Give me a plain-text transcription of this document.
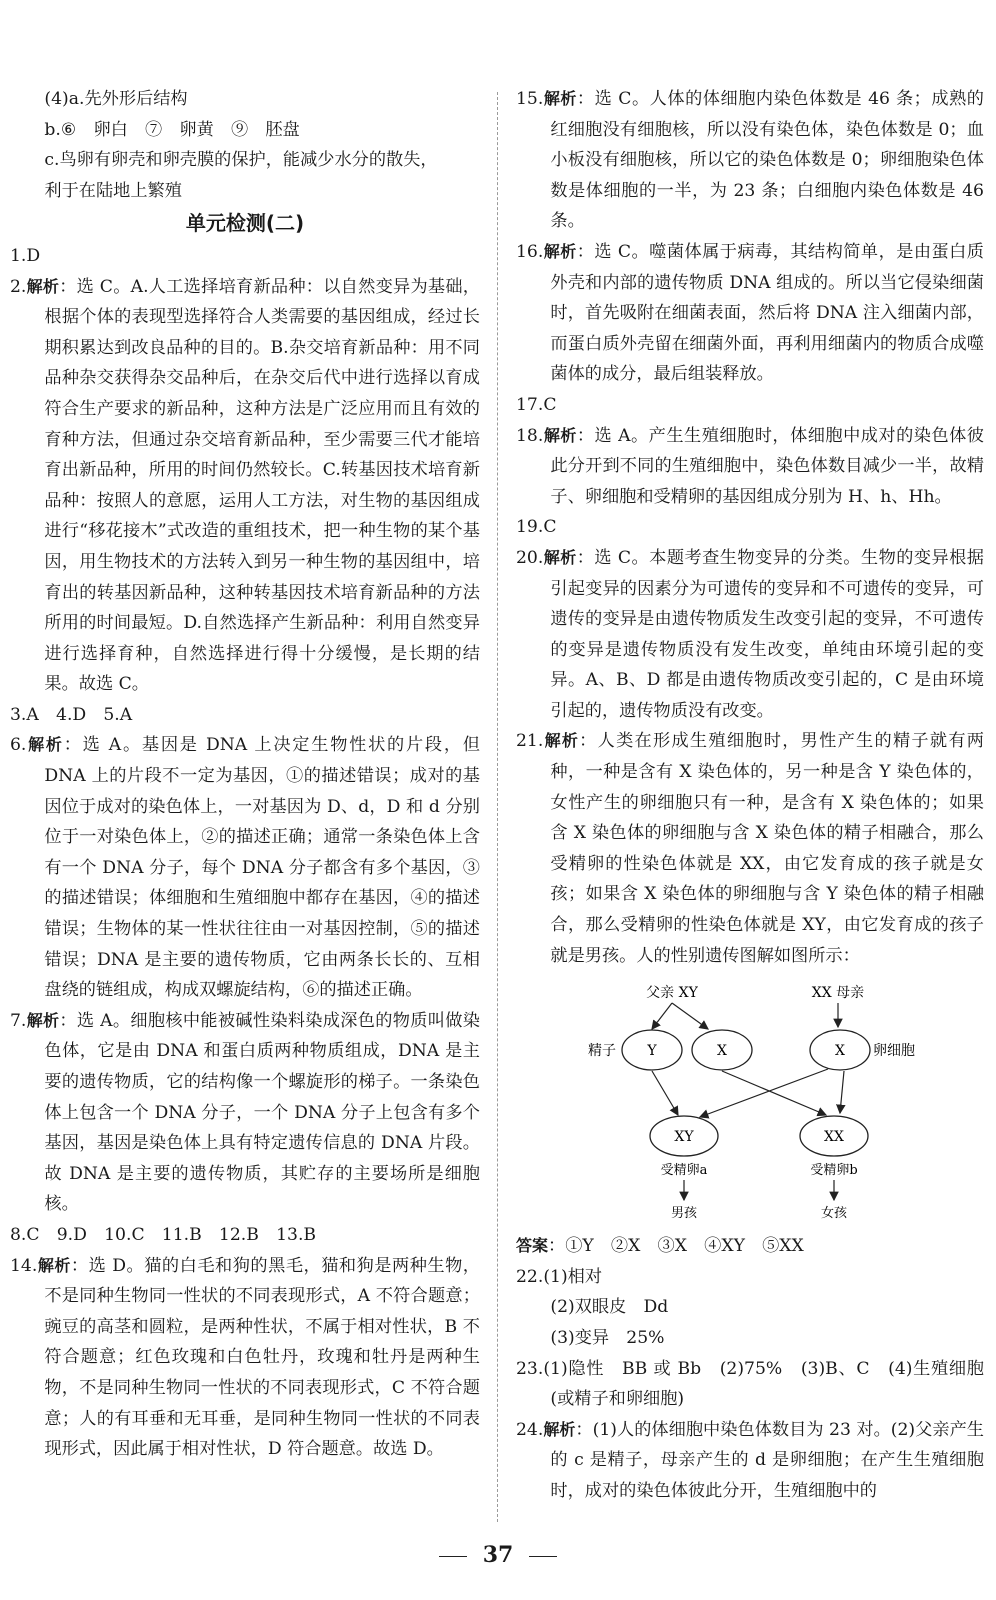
(4)a.先外形后结构

b.⑥　卵白　⑦　卵黄　⑨　胚盘

c.鸟卵有卵壳和卵壳膜的保护，能减少水分的散失，

利于在陆地上繁殖

单元检测(二)

1.D

2.解析：选 C。A.人工选择培育新品种：以自然变异为基础，根据个体的表现型选择符合人类需要的基因组成，经过长期积累达到改良品种的目的。B.杂交培育新品种：用不同品种杂交获得杂交品种后，在杂交后代中进行选择以育成符合生产要求的新品种，这种方法是广泛应用而且有效的育种方法，但通过杂交培育新品种，至少需要三代才能培育出新品种，所用的时间仍然较长。C.转基因技术培育新品种：按照人的意愿，运用人工方法，对生物的基因组成进行“移花接木”式改造的重组技术，把一种生物的某个基因，用生物技术的方法转入到另一种生物的基因组中，培育出的转基因新品种，这种转基因技术培育新品种的方法所用的时间最短。D.自然选择产生新品种：利用自然变异进行选择育种，自然选择进行得十分缓慢，是长期的结果。故选 C。

3.A　4.D　5.A

6.解析：选 A。基因是 DNA 上决定生物性状的片段，但 DNA 上的片段不一定为基因，①的描述错误；成对的基因位于成对的染色体上，一对基因为 D、d，D 和 d 分别位于一对染色体上，②的描述正确；通常一条染色体上含有一个 DNA 分子，每个 DNA 分子都含有多个基因，③的描述错误；体细胞和生殖细胞中都存在基因，④的描述错误；生物体的某一性状往往由一对基因控制，⑤的描述错误；DNA 是主要的遗传物质，它由两条长长的、互相盘绕的链组成，构成双螺旋结构，⑥的描述正确。

7.解析：选 A。细胞核中能被碱性染料染成深色的物质叫做染色体，它是由 DNA 和蛋白质两种物质组成，DNA 是主要的遗传物质，它的结构像一个螺旋形的梯子。一条染色体上包含一个 DNA 分子，一个 DNA 分子上包含有多个基因，基因是染色体上具有特定遗传信息的 DNA 片段。故 DNA 是主要的遗传物质，其贮存的主要场所是细胞核。

8.C　9.D　10.C　11.B　12.B　13.B

14.解析：选 D。猫的白毛和狗的黑毛，猫和狗是两种生物，不是同种生物同一性状的不同表现形式，A 不符合题意；豌豆的高茎和圆粒，是两种性状，不属于相对性状，B 不符合题意；红色玫瑰和白色牡丹，玫瑰和牡丹是两种生物，不是同种生物同一性状的不同表现形式，C 不符合题意；人的有耳垂和无耳垂，是同种生物同一性状的不同表现形式，因此属于相对性状，D 符合题意。故选 D。

15.解析：选 C。人体的体细胞内染色体数是 46 条；成熟的红细胞没有细胞核，所以没有染色体，染色体数是 0；血小板没有细胞核，所以它的染色体数是 0；卵细胞染色体数是体细胞的一半，为 23 条；白细胞内染色体数是 46 条。

16.解析：选 C。噬菌体属于病毒，其结构简单，是由蛋白质外壳和内部的遗传物质 DNA 组成的。所以当它侵染细菌时，首先吸附在细菌表面，然后将 DNA 注入细菌内部，而蛋白质外壳留在细菌外面，再利用细菌内的物质合成噬菌体的成分，最后组装释放。

17.C

18.解析：选 A。产生生殖细胞时，体细胞中成对的染色体彼此分开到不同的生殖细胞中，染色体数目减少一半，故精子、卵细胞和受精卵的基因组成分别为 H、h、Hh。

19.C

20.解析：选 C。本题考查生物变异的分类。生物的变异根据引起变异的因素分为可遗传的变异和不可遗传的变异，可遗传的变异是由遗传物质发生改变引起的变异，不可遗传的变异是遗传物质没有发生改变，单纯由环境引起的变异。A、B、D 都是由遗传物质改变引起的，C 是由环境引起的，遗传物质没有改变。

21.解析：人类在形成生殖细胞时，男性产生的精子就有两种，一种是含有 X 染色体的，另一种是含 Y 染色体的，女性产生的卵细胞只有一种，是含有 X 染色体的；如果含 X 染色体的卵细胞与含 X 染色体的精子相融合，那么受精卵的性染色体就是 XX，由它发育成的孩子就是女孩；如果含 X 染色体的卵细胞与含 Y 染色体的精子相融合，那么受精卵的性染色体就是 XY，由它发育成的孩子就是男孩。人的性别遗传图解如图所示：

父亲 XY	XX 母亲
精子	卵细胞
Y	X	X
XY	XX
受精卵a	受精卵b
男孩	女孩

答案：①Y　②X　③X　④XY　⑤XX

22.(1)相对

(2)双眼皮　Dd

(3)变异　25%

23.(1)隐性　BB 或 Bb　(2)75%　(3)B、C　(4)生殖细胞(或精子和卵细胞)

24.解析：(1)人的体细胞中染色体数目为 23 对。(2)父亲产生的 c 是精子，母亲产生的 d 是卵细胞；在产生生殖细胞时，成对的染色体彼此分开，生殖细胞中的

37
